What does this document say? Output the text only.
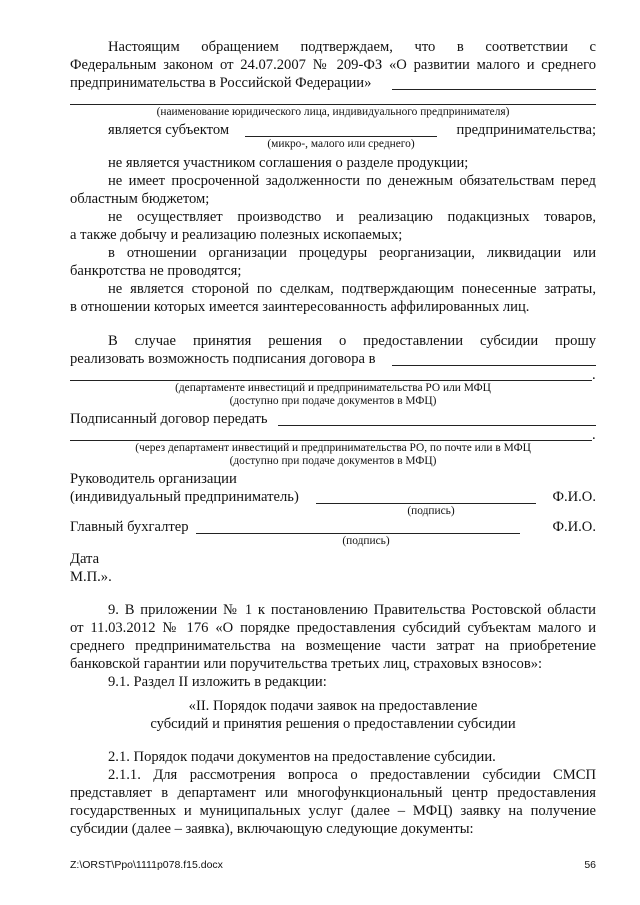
Настоящим обращением подтверждаем, что в соответствии с
Федеральным законом от 24.07.2007 № 209-ФЗ «О развитии малого и среднего
предпринимательства в Российской Федерации»
(наименование юридического лица, индивидуального предпринимателя)
является субъектом	предпринимательства;
(микро-, малого или среднего)
не является участником соглашения о разделе продукции;
не имеет просроченной задолженности по денежным обязательствам перед
областным бюджетом;
не осуществляет производство и реализацию подакцизных товаров,
а также добычу и реализацию полезных ископаемых;
в отношении организации процедуры реорганизации, ликвидации или
банкротства не проводятся;
не является стороной по сделкам, подтверждающим понесенные затраты,
в отношении которых имеется заинтересованность аффилированных лиц.
В случае принятия решения о предоставлении субсидии прошу
реализовать возможность подписания договора в
.
(департаменте инвестиций и предпринимательства РО или МФЦ
(доступно при подаче документов в МФЦ)
Подписанный договор передать
.
(через департамент инвестиций и предпринимательства РО, по почте или в МФЦ
(доступно при подаче документов в МФЦ)
Руководитель организации
(индивидуальный предприниматель)	Ф.И.О.
(подпись)
Главный бухгалтер	Ф.И.О.
(подпись)
Дата
М.П.».
9. В приложении № 1 к постановлению Правительства Ростовской области
от 11.03.2012 № 176 «О порядке предоставления субсидий субъектам малого и
среднего предпринимательства на возмещение части затрат на приобретение
банковской гарантии или поручительства третьих лиц, страховых взносов»:
9.1. Раздел II изложить в редакции:
«II. Порядок подачи заявок на предоставление
субсидий и принятия решения о предоставлении субсидии
2.1. Порядок подачи документов на предоставление субсидии.
2.1.1. Для рассмотрения вопроса о предоставлении субсидии СМСП
представляет в департамент или многофункциональный центр предоставления
государственных и муниципальных услуг (далее – МФЦ) заявку на получение
субсидии (далее – заявка), включающую следующие документы:
Z:\ORST\Ppo\1111p078.f15.docx	56
